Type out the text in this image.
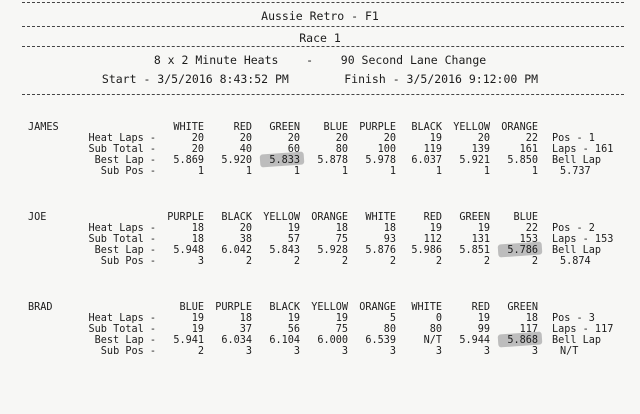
Aussie Retro - F1
Race 1
8 x 2 Minute Heats    -    90 Second Lane Change
Start - 3/5/2016 8:43:52 PM        Finish - 3/5/2016 9:12:00 PM
JAMES	WHITE	RED	GREEN	BLUE	PURPLE	BLACK	YELLOW	ORANGE
Heat Laps -	20	20	20	20	20	19	20	22 Pos - 1
Sub Total -	20	40	60	80	100	119	139	161 Laps - 161
Best Lap -	5.869	5.920	5.833	5.878	5.978	6.037	5.921	5.850 Bell Lap
Sub Pos -	1	1	1	1	1	1	1	1 5.737
JOE	PURPLE	BLACK	YELLOW	ORANGE	WHITE	RED	GREEN	BLUE
Heat Laps -	18	20	19	18	18	19	19	22 Pos - 2
Sub Total -	18	38	57	75	93	112	131	153 Laps - 153
Best Lap -	5.948	6.042	5.843	5.928	5.876	5.986	5.851	5.786 Bell Lap
Sub Pos -	3	2	2	2	2	2	2	2 5.874
BRAD	BLUE	PURPLE	BLACK	YELLOW	ORANGE	WHITE	RED	GREEN
Heat Laps -	19	18	19	19	5	0	19	18 Pos - 3
Sub Total -	19	37	56	75	80	80	99	117 Laps - 117
Best Lap -	5.941	6.034	6.104	6.000	6.539	N/T	5.944	5.868 Bell Lap
Sub Pos -	2	3	3	3	3	3	3	3 N/T
